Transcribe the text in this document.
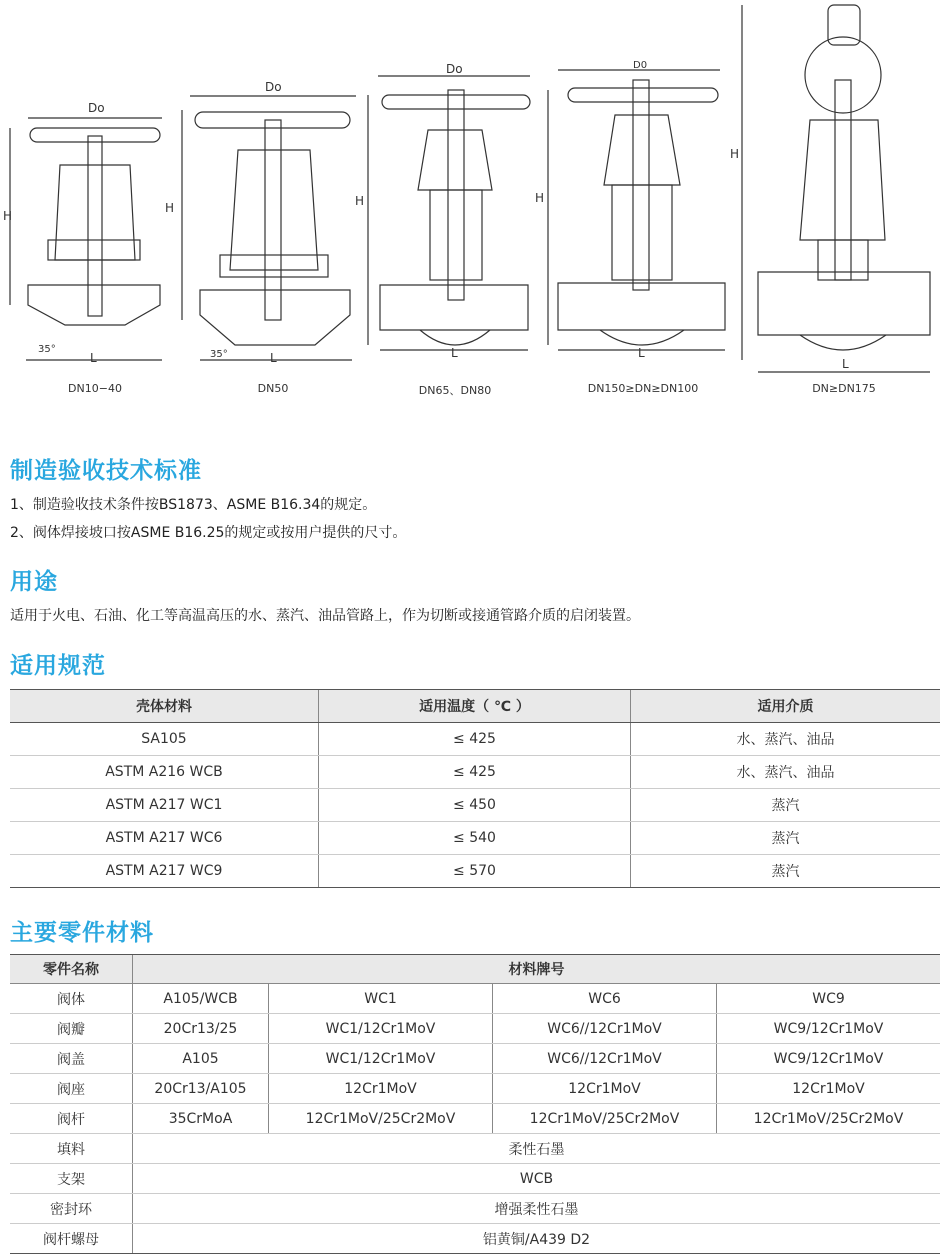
Do
H
L
35°
Do
H
L
35°
Do
H
L
D0
H
L
H
L
DN10−40	DN50	DN65、DN80	DN150≥DN≥DN100	DN≥DN175
制造验收技术标准
1、制造验收技术条件按BS1873、ASME B16.34的规定。
2、阀体焊接坡口按ASME B16.25的规定或按用户提供的尺寸。
用途
适用于火电、石油、化工等高温高压的水、蒸汽、油品管路上，作为切断或接通管路介质的启闭装置。
适用规范
壳体材料	适用温度（ ℃ ）	适用介质
SA105	≤ 425	水、蒸汽、油品
ASTM A216 WCB	≤ 425	水、蒸汽、油品
ASTM A217 WC1	≤ 450	蒸汽
ASTM A217 WC6	≤ 540	蒸汽
ASTM A217 WC9	≤ 570	蒸汽
主要零件材料
零件名称	材料牌号			
阀体	A105/WCB	WC1	WC6	WC9
阀瓣	20Cr13/25	WC1/12Cr1MoV	WC6//12Cr1MoV	WC9/12Cr1MoV
阀盖	A105	WC1/12Cr1MoV	WC6//12Cr1MoV	WC9/12Cr1MoV
阀座	20Cr13/A105	12Cr1MoV	12Cr1MoV	12Cr1MoV
阀杆	35CrMoA	12Cr1MoV/25Cr2MoV	12Cr1MoV/25Cr2MoV	12Cr1MoV/25Cr2MoV
填料	柔性石墨			
支架	WCB			
密封环	增强柔性石墨			
阀杆螺母	铝黄铜/A439 D2			
